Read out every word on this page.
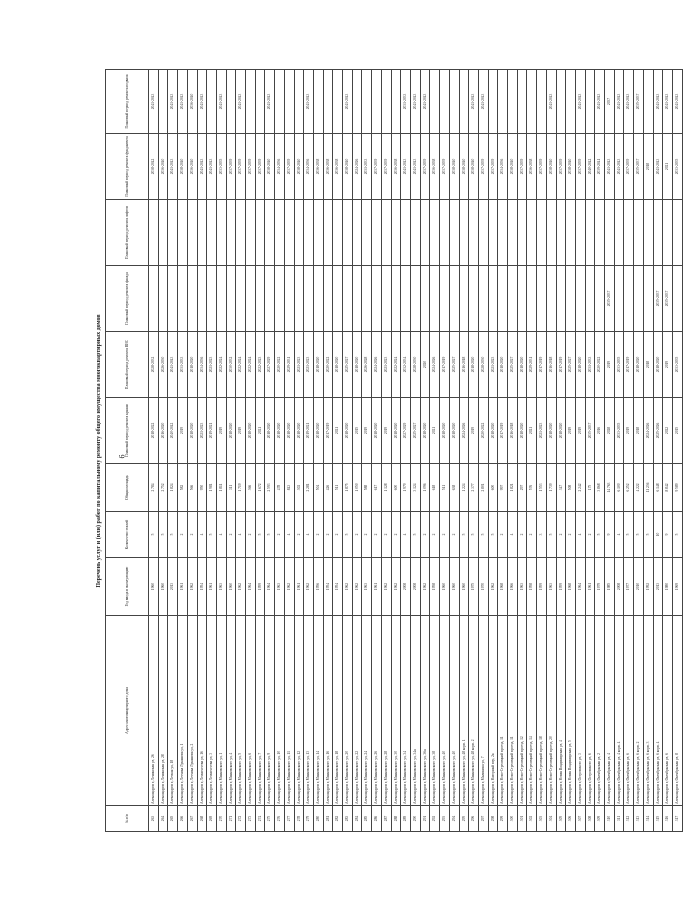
6
Перечень услуг и (или) работ по капитальному ремонту общего имущества многоквартирных домов
№ п/п	Адрес многоквартирного дома	Год ввода в эксплуатацию	Количество этажей	Общая площадь	Плановый период ремонта крыши	Плановый период ремонта ВИС	Плановый период ремонта фасада	Плановый период ремонта лифтов	Плановый период ремонта фундамента	Плановый период ремонта подвала
263	Александров г, Ленинская ул, 26	1960	5	2 784	2018-2022	2028-2032			2038-2042	2041-2043
264	Александров г, Ленинская ул, 28	1960	5	2 752	2016-2020	2026-2030			2036-2040	
265	Александров г, Летная ул, 18	2013	5	1 824	2040-2042	2041-2043			2041-2043	2041-2043
266	Александров г, Летчика Лукашова ул, 1	1961	2	582	2019	2031-2033			2038-2040	2041-2043
267	Александров г, Летчика Лукашова ул, 2	1962	2	566	2018-2020	2018-2020			2036-2040	2036-2040
268	Александров г, Лесничества ул, 16	1954	4	950	2021-2023	2034-2036			2041-2043	2041-2043
269	Александров г, Лесничества ул, 3	1961	5	1 981	2019-2021	2021-2023			2041-2043	
270	Александров г, Маяковского ул, 1	1963	4	1 811	2019	2022-2024			2033-2035	2041-2043
271	Александров г, Маяковского ул, 4	1960	2	311	2018-2020	2030-2032			2037-2039	
272	Александров г, Маяковского ул, 5	1962	4	1 719	2019	2022-2024			2037-2039	2041-2043
273	Александров г, Маяковского ул, 6	1964	2	366	2018-2020	2022-2024			2037-2039	
274	Александров г, Маяковского ул, 7	1959	5	1 672	2021	2022-2023			2037-2039	
275	Александров г, Маяковского ул, 9	1964	5	2 593	2018-2020	2027-2029			2038-2040	2041-2043
276	Александров г, Маяковского ул, 10	1963	2	478	2018-2020	2020-2022			2034-2036	
277	Александров г, Маяковского ул, 11	1962	4	843	2018-2020	2029-2031			2037-2039	
278	Александров г, Маяковского ул, 12	1961	2	302	2018-2020	2021-2023			2038-2040	
279	Александров г, Маяковского ул, 13	1962	4	2 281	2019-2021	2021-2023			2034-2036	2041-2043
280	Александров г, Маяковского ул, 14	1956	2	504	2018-2020	2018-2020			2036-2038	
281	Александров г, Маяковского ул, 16	1954	2	426	2017-2019	2020-2022			2036-2038	
282	Александров г, Маяковского ул, 18	1954	2	511	2021	2018-2020			2036-2038	
283	Александров г, Маяковского ул, 20	1962	5	1 875	2018-2020	2025-2027			2038-2040	2041-2043
284	Александров г, Маяковского ул, 22	1962	2	1 050	2015	2018-2020			2024-2026	
285	Александров г, Маяковского ул, 24	1963	2	588	2019	2026-2028			2031-2033	
286	Александров г, Маяковского ул, 26	1961	2	617	2018-2020	2024-2026			2037-2039	
287	Александров г, Маяковского ул, 28	1962	2	1 128	2019	2021-2023			2037-2039	
288	Александров г, Маяковского ул, 30	1962	2	600	2018-2020	2022-2024			2036-2038	
289	Александров г, Маяковского ул, 34	2008	4	1 979	2027-2029	2032-2034			2041-2043	2031-2033
290	Александров г, Маяковского ул, 34а	2008	5	3 124	2025-2027	2028-2030			2041-2043	2041-2043
291	Александров г, Маяковского ул, 36а	1962	2	1 096	2018-2020	2020			2037-2039	2041-2043
292	Александров г, Маяковского ул, 38	1958	2	618	2021	2024-2026			2036-2038	
293	Александров г, Маяковского ул, 40	1960	2	511	2018-2020	2017-2019			2037-2039	
294	Александров г, Маяковского ул, 40	1960	2	638	2018-2020	2025-2027			2038-2040	
295	Александров г, Маяковского ул, 48 корп. 1	1960	5	1 224	2024-2026	2016-2018			2038-2040	
296	Александров г, Маяковского ул, 48 корп. 2	1975	5	2 377	2019	2018-2020			2038-2040	2041-2043
297	Александров г, Малинина ул, 7	1970	5	2 801	2020-2022	2028-2030			2037-2039	2041-2043
298	Александров г, Нагорный пер, 2а	1962	5	600	2018-2020	2021-2023			2037-2039	
299	Александров г, Ново-Стрелецкий проезд, 11	1968	2	997	2017-2019	2018-2020			2034-2036	
300	Александров г, Ново-Стрелецкий проезд, 11	1966	4	1 821	2016-2018	2025-2027			2038-2040	
301	Александров г, Ново-Стрелецкий проезд, 12	1963	2	297	2018-2020	2018-2020			2037-2039	
302	Александров г, Ново-Стрелецкий проезд, 14	1958	2	576	2021	2029-2031			2036-2038	
303	Александров г, Ново-Стрелецкий проезд, 18	1959	3	1 553	2021-2023	2017-2019			2037-2039	
304	Александров г, Ново-Стрелецкий проезд, 20	1963	5	1 739	2018-2020	2016-2018			2038-2040	2041-2043
305	Александров г, Новая Владимирская ул, 4	1959	2	347	2018-2020	2017-2019			2037-2039	
306	Александров г, Новая Владимирская ул, 5	1968	2	508	2019	2025-2027			2038-2040	
307	Александров г, Островского ул, 3	1964	4	2 242	2019	2018-2020			2037-2039	2041-2043
308	Александров г, Островского ул, 6	1961	2	175	2035-2037	2031-2033			2040-2042	
309	Александров г, Октябрьская ул, 2	1979	5	3 868	2016	2020-2022			2039-2041	2041-2043
310	Александров г, Октябрьская ул, 4	1985	9	14 763	2028	2019	2035-2037		2041-2043	2037
311	Александров г, Октябрьская ул, 4 корп. 4	2008	4	6 100	2033-2035	2033-2035			2041-2043	2041-2043
312	Александров г, Октябрьская ул, 6	1977	5	6 252	2019	2017-2019			2037-2039	2041-2043
313	Александров г, Октябрьская ул, 6 корп. 2	2010	5	4 222	2018	2018-2020			2035-2037	2035-2037
314	Александров г, Октябрьская ул, 6 корп. 3	1992	5	11 236	2024-2026	2018			2018	
315	Александров г, Октябрьская ул, 6 корп. 4	2013	10	6 148	2025-2026	2018-2020	2035-2037		2041-2043	2041-2043
316	Александров г, Октябрьская ул, 6	1980	9	8 842	2022	2019	2035-2037		2021	2041-2043
317	Александров г, Октябрьская ул, 8	1969	5	9 589	2015	2033-2035			2033-2035	2041-2043
